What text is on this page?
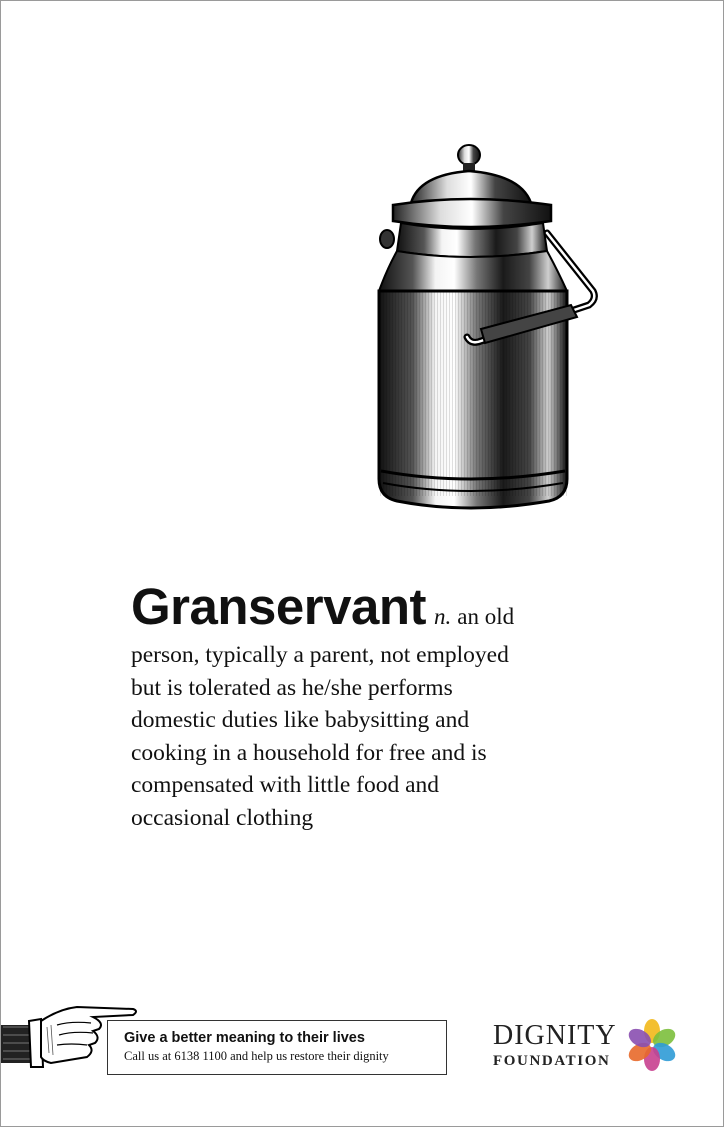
Granservant n. an old
person, typically a parent, not employed
but is tolerated as he/she performs
domestic duties like babysitting and
cooking in a household for free and is
compensated with little food and
occasional clothing
Give a better meaning to their lives
Call us at 6138 1100 and help us restore their dignity
DIGNITY
FOUNDATION
